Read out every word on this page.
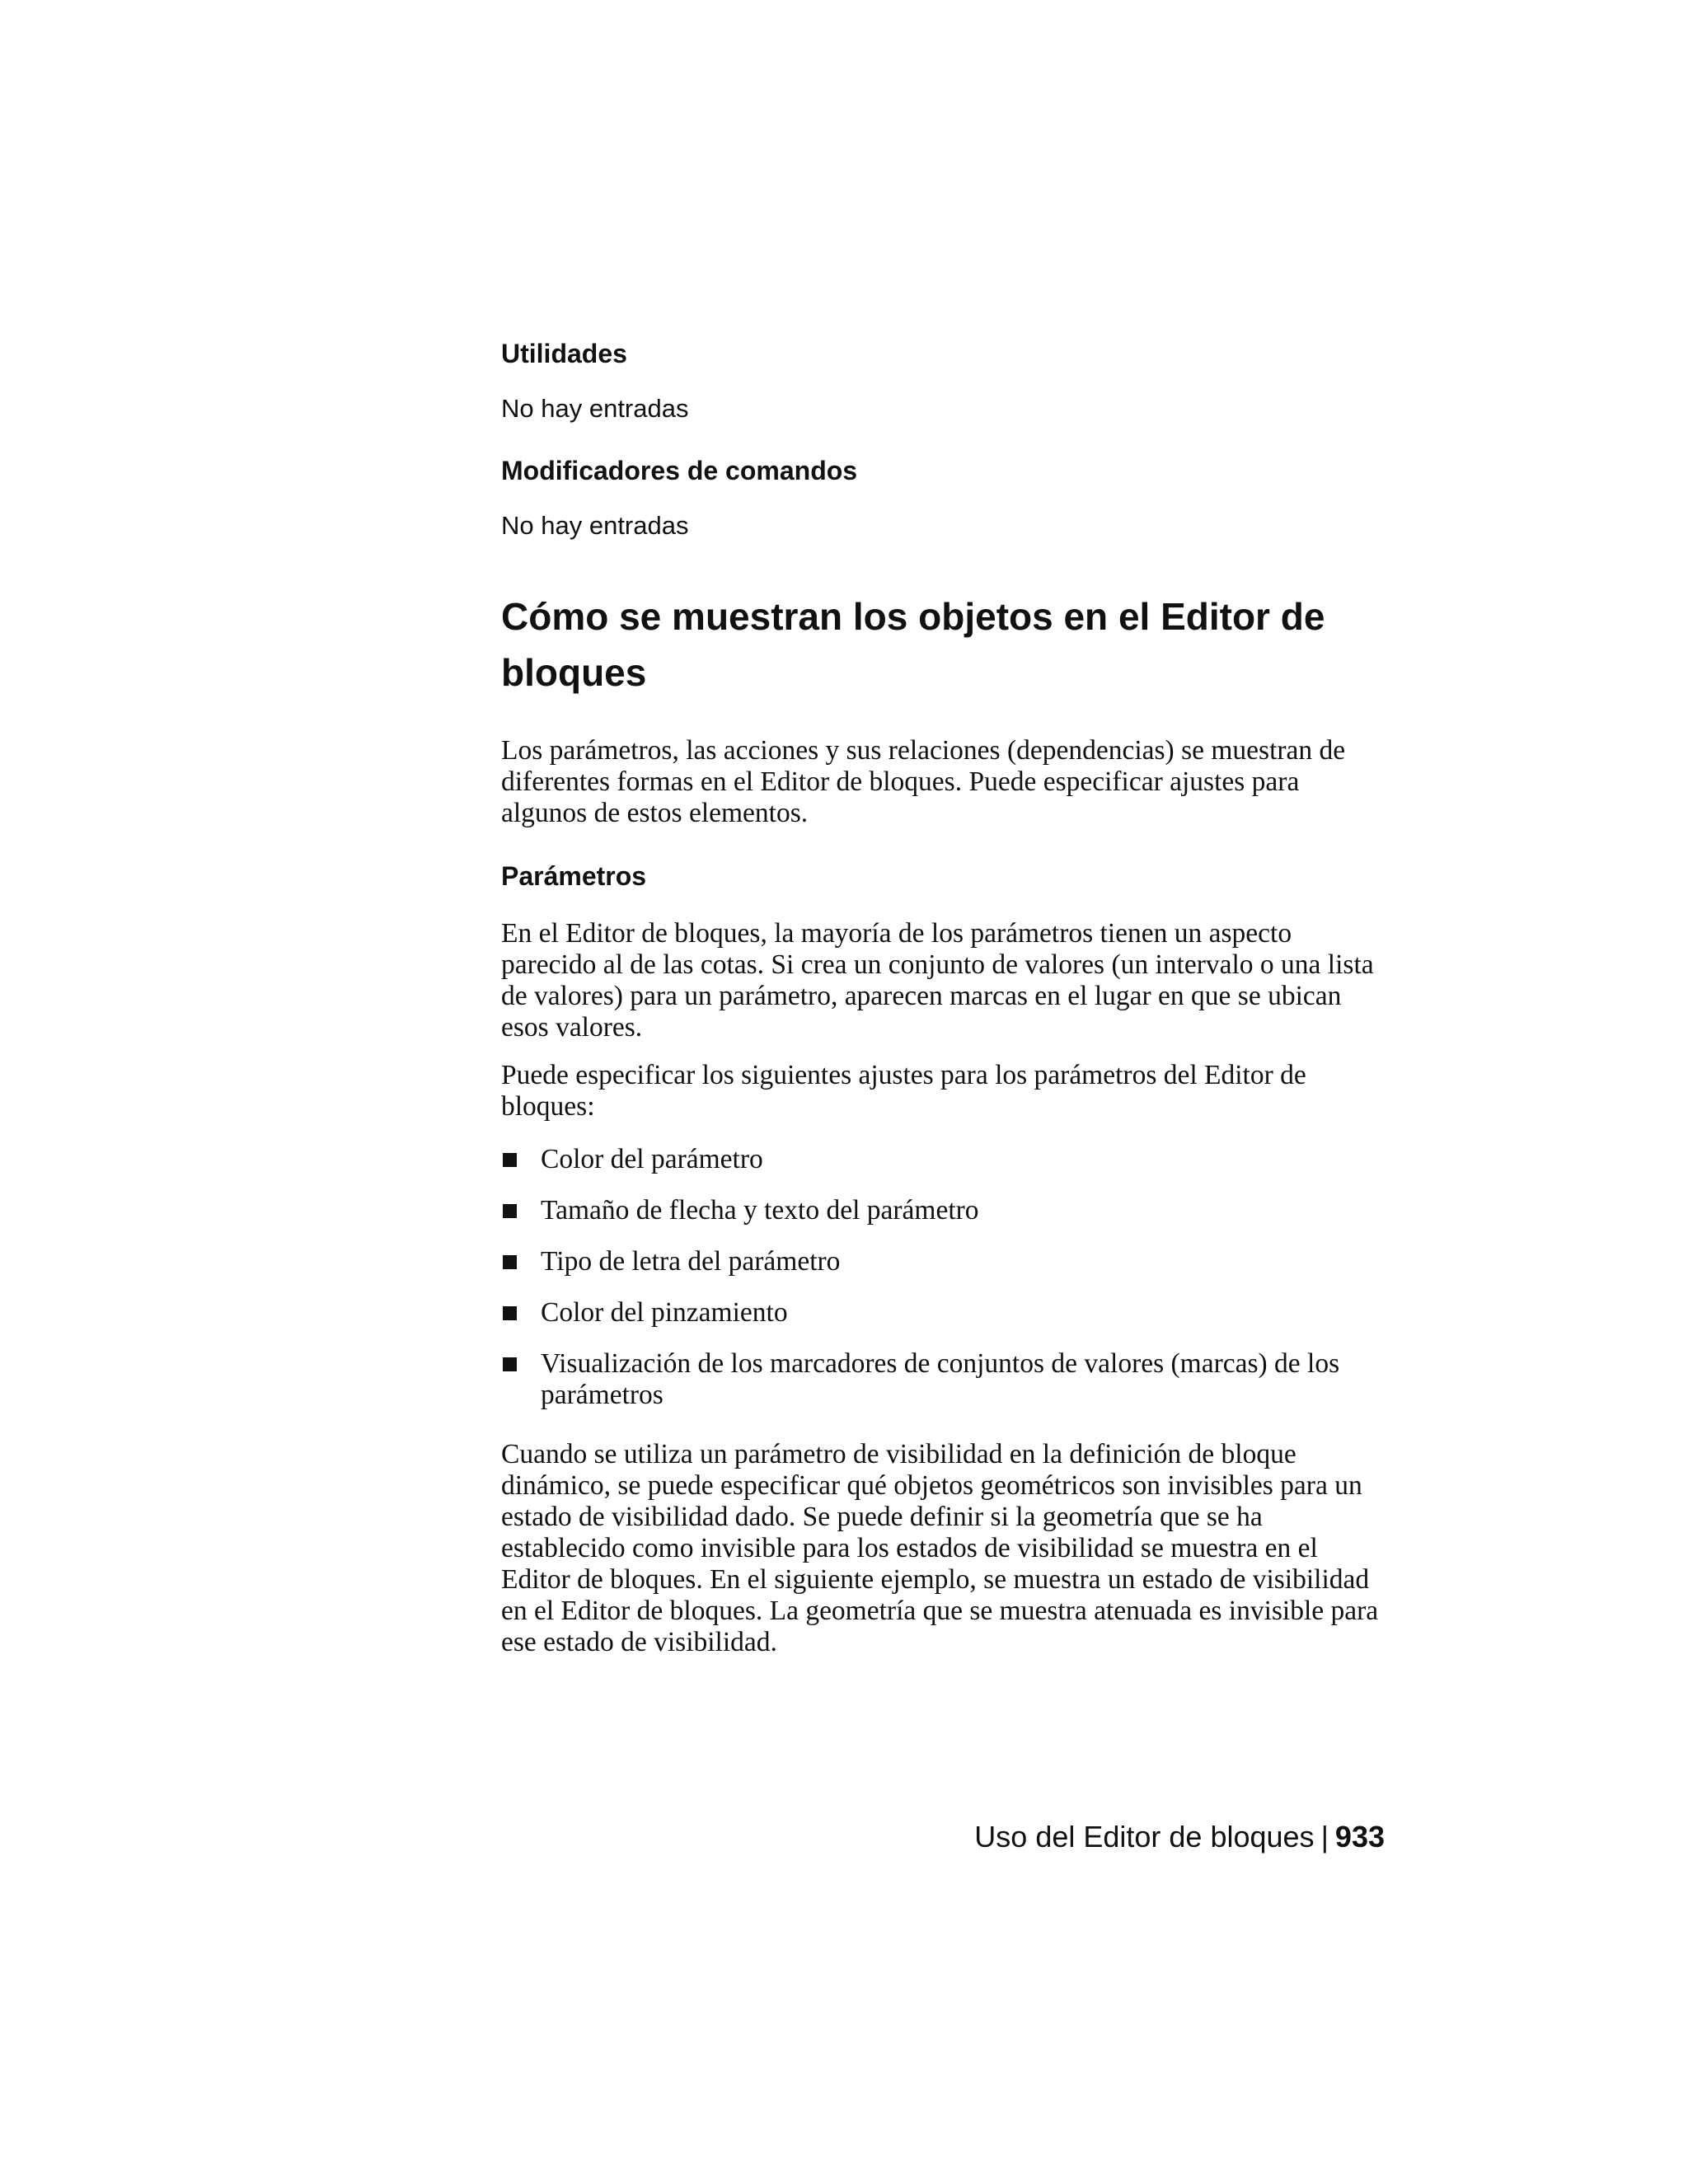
Utilidades

No hay entradas

Modificadores de comandos

No hay entradas

Cómo se muestran los objetos en el Editor de bloques

Los parámetros, las acciones y sus relaciones (dependencias) se muestran de diferentes formas en el Editor de bloques. Puede especificar ajustes para algunos de estos elementos.

Parámetros

En el Editor de bloques, la mayoría de los parámetros tienen un aspecto parecido al de las cotas. Si crea un conjunto de valores (un intervalo o una lista de valores) para un parámetro, aparecen marcas en el lugar en que se ubican esos valores.

Puede especificar los siguientes ajustes para los parámetros del Editor de bloques:

Color del parámetro
Tamaño de flecha y texto del parámetro
Tipo de letra del parámetro
Color del pinzamiento
Visualización de los marcadores de conjuntos de valores (marcas) de los parámetros

Cuando se utiliza un parámetro de visibilidad en la definición de bloque dinámico, se puede especificar qué objetos geométricos son invisibles para un estado de visibilidad dado. Se puede definir si la geometría que se ha establecido como invisible para los estados de visibilidad se muestra en el Editor de bloques. En el siguiente ejemplo, se muestra un estado de visibilidad en el Editor de bloques. La geometría que se muestra atenuada es invisible para ese estado de visibilidad.

Uso del Editor de bloques | 933
